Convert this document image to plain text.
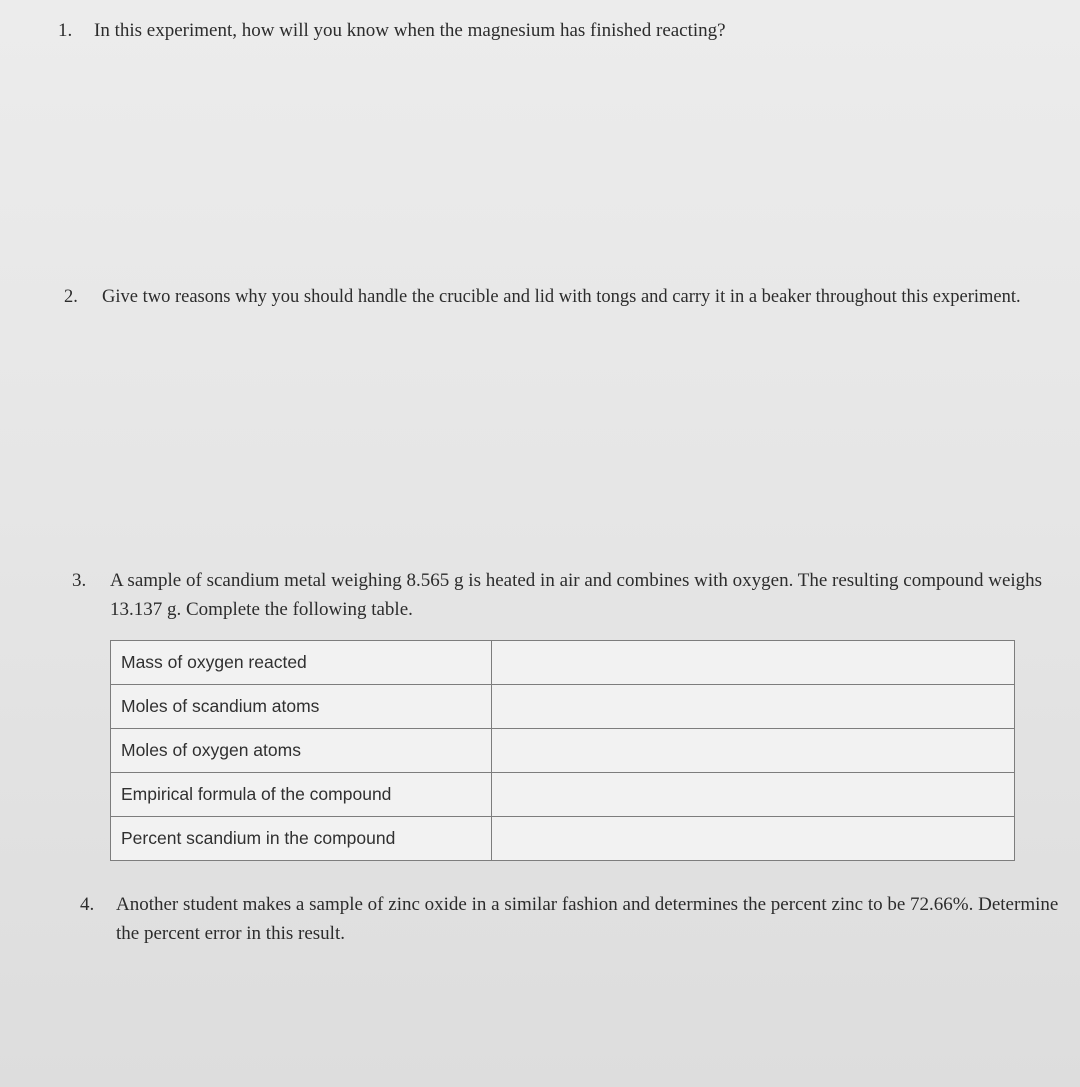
1.	In this experiment, how will you know when the magnesium has finished reacting?
2.	Give two reasons why you should handle the crucible and lid with tongs and carry it in a beaker throughout this experiment.
3.	A sample of scandium metal weighing 8.565 g is heated in air and combines with oxygen. The resulting compound weighs 13.137 g. Complete the following table.
Mass of oxygen reacted	
Moles of scandium atoms	
Moles of oxygen atoms	
Empirical formula of the compound	
Percent scandium in the compound	
4.	Another student makes a sample of zinc oxide in a similar fashion and determines the percent zinc to be 72.66%. Determine the percent error in this result.
